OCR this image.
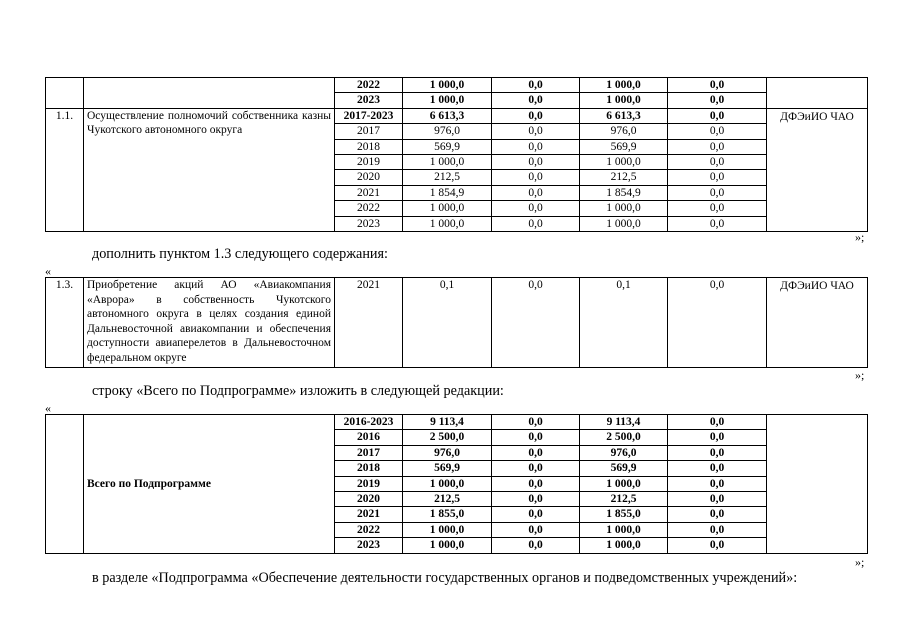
		2022	1 000,0	0,0	1 000,0	0,0	
		2023	1 000,0	0,0	1 000,0	0,0	
1.1.	Осуществление полномочий собственника казны Чукотского автономного округа	2017-2023	6 613,3	0,0	6 613,3	0,0	ДФЭиИО ЧАО
		2017	976,0	0,0	976,0	0,0	
		2018	569,9	0,0	569,9	0,0	
		2019	1 000,0	0,0	1 000,0	0,0	
		2020	212,5	0,0	212,5	0,0	
		2021	1 854,9	0,0	1 854,9	0,0	
		2022	1 000,0	0,0	1 000,0	0,0	
		2023	1 000,0	0,0	1 000,0	0,0	
»;
дополнить пунктом 1.3 следующего содержания:
«
1.3.	Приобретение акций АО «Авиакомпания «Аврора» в собственность Чукотского автономного округа в целях создания единой Дальневосточной авиакомпании и обеспечения доступности авиаперелетов в Дальневосточном федеральном округе	2021	0,1	0,0	0,1	0,0	ДФЭиИО ЧАО
»;
строку «Всего по Подпрограмме» изложить в следующей редакции:
«
	Всего по Подпрограмме	2016-2023	9 113,4	0,0	9 113,4	0,0	
		2016	2 500,0	0,0	2 500,0	0,0	
		2017	976,0	0,0	976,0	0,0	
		2018	569,9	0,0	569,9	0,0	
		2019	1 000,0	0,0	1 000,0	0,0	
		2020	212,5	0,0	212,5	0,0	
		2021	1 855,0	0,0	1 855,0	0,0	
		2022	1 000,0	0,0	1 000,0	0,0	
		2023	1 000,0	0,0	1 000,0	0,0	
»;
в разделе «Подпрограмма «Обеспечение деятельности государственных органов и подведомственных учреждений»:
